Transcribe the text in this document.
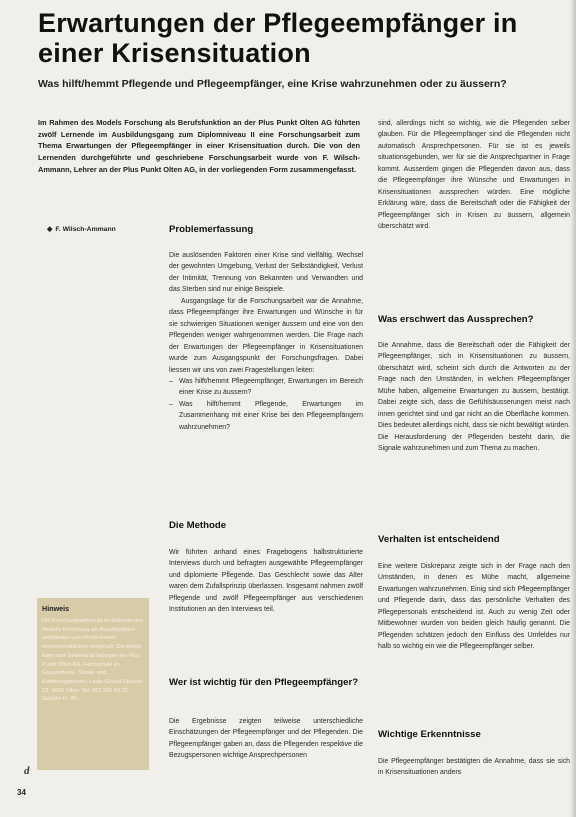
Erwartungen der Pflegeempfänger in einer Krisensituation
Was hilft/hemmt Pflegende und Pflegeempfänger, eine Krise wahrzunehmen oder zu äussern?
Im Rahmen des Models Forschung als Berufsfunktion an der Plus Punkt Olten AG führten zwölf Lernende im Ausbildungsgang zum Diplomniveau II eine Forschungsarbeit zum Thema Erwartungen der Pflegeempfänger in einer Krisensituation durch. Die von den Lernenden durchgeführte und geschriebene Forschungsarbeit wurde von F. Wilsch-Ammann, Lehrer an der Plus Punkt Olten AG, in der vorliegenden Form zusammengefasst.
◆ F. Wilsch-Ammann	Problemerfassung

Die auslösenden Faktoren einer Krise sind vielfältig. Wechsel der gewohnten Umgebung, Verlust der Selbständigkeit, Verlust der Intimität, Trennung von Bekannten und Verwandten und das Sterben sind nur einige Beispiele.

Ausgangslage für die Forschungsarbeit war die Annahme, dass Pflegeempfänger ihre Erwartungen und Wünsche in für sie schwierigen Situationen weniger äussern und eine von den Pflegenden weniger wahrgenommen werden. Die Frage nach der Erwartungen der Pflegeempfänger in Krisensituationen wurde zum Ausgangspunkt der Forschungsfragen. Dabei liessen wir uns von zwei Fragestellungen leiten:

– Was hilft/hemmt Pflegeempfänger, Erwartungen im Bereich einer Krise zu äussern?
– Was hilft/hemmt Pflegende, Erwartungen im Zusammenhang mit einer Krise bei den Pflegeempfängern wahrzunehmen?
Die Methode

Wir führten anhand eines Fragebogens halbstrukturierte Interviews durch und befragten ausgewählte Pflegeempfänger und diplomierte Pflegende. Das Geschlecht sowie das Alter waren dem Zufallsprinzip überlassen. Insgesamt nahmen zwölf Pflegende und zwölf Pflegeempfänger aus verschiedenen Institutionen an den Interviews teil.

Wer ist wichtig für den Pflegeempfänger?

Die Ergebnisse zeigten teilweise unterschiedliche Einschätzungen der Pflegeempfänger und der Pflegenden. Die Pflegeempfänger gaben an, dass die Pflegenden respektive die Bezugspersonen wichtige Ansprechpersonen

sind, allerdings nicht so wichtig, wie die Pflegenden selber glauben. Für die Pflegeempfänger sind die Pflegenden nicht automatisch Ansprechpersonen. Für sie ist es jeweils situationsgebunden, wer für sie die Ansprechpartner in Frage kommt. Ausserdem gingen die Pflegenden davon aus, dass die Pflegeempfänger ihre Wünsche und Erwartungen in Krisensituationen aussprechen würden. Eine mögliche Erklärung wäre, dass die Bereitschaft oder die Fähigkeit der Pflegeempfänger sich in Krisen zu äussern, allgemein überschätzt wird.

Was erschwert das Aussprechen?

Die Annahme, dass die Bereitschaft oder die Fähigkeit der Pflegeempfänger, sich in Krisensituationen zu äussern, überschätzt wird, scheint sich durch die Antworten zu der Frage nach den Umständen, in welchen Pflegeempfänger Mühe haben, allgemeine Erwartungen zu äussern, bestätigt. Dabei zeigte sich, dass die Gefühlsäusserungen meist nach innen gerichtet sind und gar nicht an die Oberfläche kommen. Dies bedeutet allerdings nicht, dass sie nicht bewältigt würden. Die Herausforderung der Pflegenden besteht darin, die Signale wahrzunehmen und zum Thema zu machen.

Verhalten ist entscheidend

Eine weitere Diskrepanz zeigte sich in der Frage nach den Umständen, in denen es Mühe macht, allgemeine Erwartungen wahrzunehmen. Einig sind sich Pflegeempfänger und Pflegende darin, dass das persönliche Verhalten des Pflegepersonals entscheidend ist. Auch zu wenig Zeit oder Mitbewohner wurden von beiden gleich häufig genannt. Die Pflegenden schätzen jedoch den Einfluss des Umfeldes nur halb so wichtig ein wie die Pflegeempfänger selber.

Wichtige Erkenntnisse

Die Pflegeempfänger bestätigten die Annahme, dass sie sich in Krisensituationen anders

Hinweis
Die Forschungsarbeit ist im Rahmen des Modells Forschung als Berufsfunktion entstanden und erhebt keinen wissenschaftlichen Anspruch. Die Arbeit kann vom Sekretariat bezogen bei Plus Punkt Olten AG, Fachschule im Gesundheits-, Sozial- und Erziehungswesen, Louis-Giroud-Strasse 23, 4600 Olten. Tel. 062 296 69 72, Gebühr Fr. 20.–.
d
34
